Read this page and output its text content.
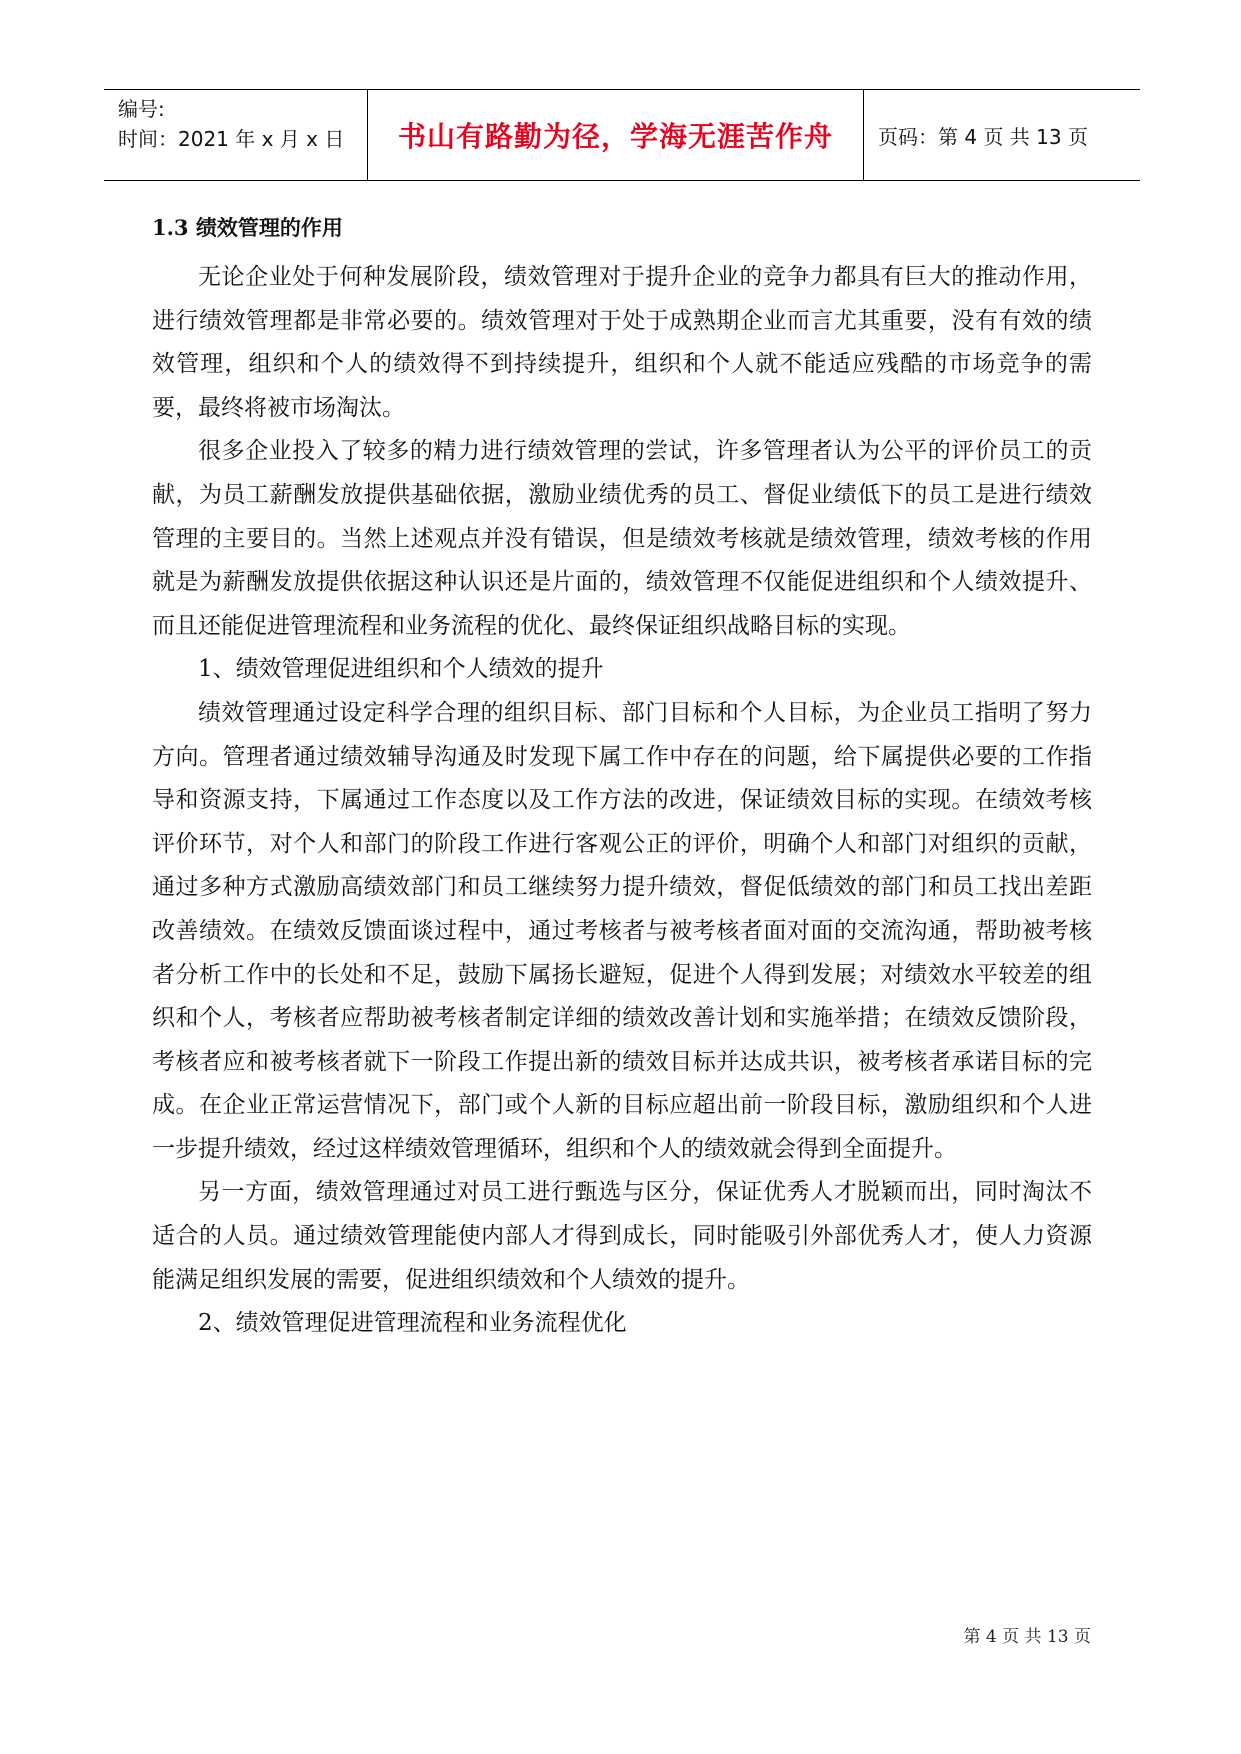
编号:
时间：2021 年 x 月 x 日	书山有路勤为径，学海无涯苦作舟 页码：第 4 页 共 13 页
1.3 绩效管理的作用

无论企业处于何种发展阶段，绩效管理对于提升企业的竞争力都具有巨大的推动作用，进行绩效管理都是非常必要的。绩效管理对于处于成熟期企业而言尤其重要，没有有效的绩效管理，组织和个人的绩效得不到持续提升，组织和个人就不能适应残酷的市场竞争的需要，最终将被市场淘汰。

很多企业投入了较多的精力进行绩效管理的尝试，许多管理者认为公平的评价员工的贡献，为员工薪酬发放提供基础依据，激励业绩优秀的员工、督促业绩低下的员工是进行绩效管理的主要目的。当然上述观点并没有错误，但是绩效考核就是绩效管理，绩效考核的作用就是为薪酬发放提供依据这种认识还是片面的，绩效管理不仅能促进组织和个人绩效提升、而且还能促进管理流程和业务流程的优化、最终保证组织战略目标的实现。

1、绩效管理促进组织和个人绩效的提升

绩效管理通过设定科学合理的组织目标、部门目标和个人目标，为企业员工指明了努力方向。管理者通过绩效辅导沟通及时发现下属工作中存在的问题，给下属提供必要的工作指导和资源支持，下属通过工作态度以及工作方法的改进，保证绩效目标的实现。在绩效考核评价环节，对个人和部门的阶段工作进行客观公正的评价，明确个人和部门对组织的贡献，通过多种方式激励高绩效部门和员工继续努力提升绩效，督促低绩效的部门和员工找出差距改善绩效。在绩效反馈面谈过程中，通过考核者与被考核者面对面的交流沟通，帮助被考核者分析工作中的长处和不足，鼓励下属扬长避短，促进个人得到发展；对绩效水平较差的组织和个人，考核者应帮助被考核者制定详细的绩效改善计划和实施举措；在绩效反馈阶段，考核者应和被考核者就下一阶段工作提出新的绩效目标并达成共识，被考核者承诺目标的完成。在企业正常运营情况下，部门或个人新的目标应超出前一阶段目标，激励组织和个人进一步提升绩效，经过这样绩效管理循环，组织和个人的绩效就会得到全面提升。

另一方面，绩效管理通过对员工进行甄选与区分，保证优秀人才脱颖而出，同时淘汰不适合的人员。通过绩效管理能使内部人才得到成长，同时能吸引外部优秀人才，使人力资源能满足组织发展的需要，促进组织绩效和个人绩效的提升。

2、绩效管理促进管理流程和业务流程优化

第 4 页 共 13 页
